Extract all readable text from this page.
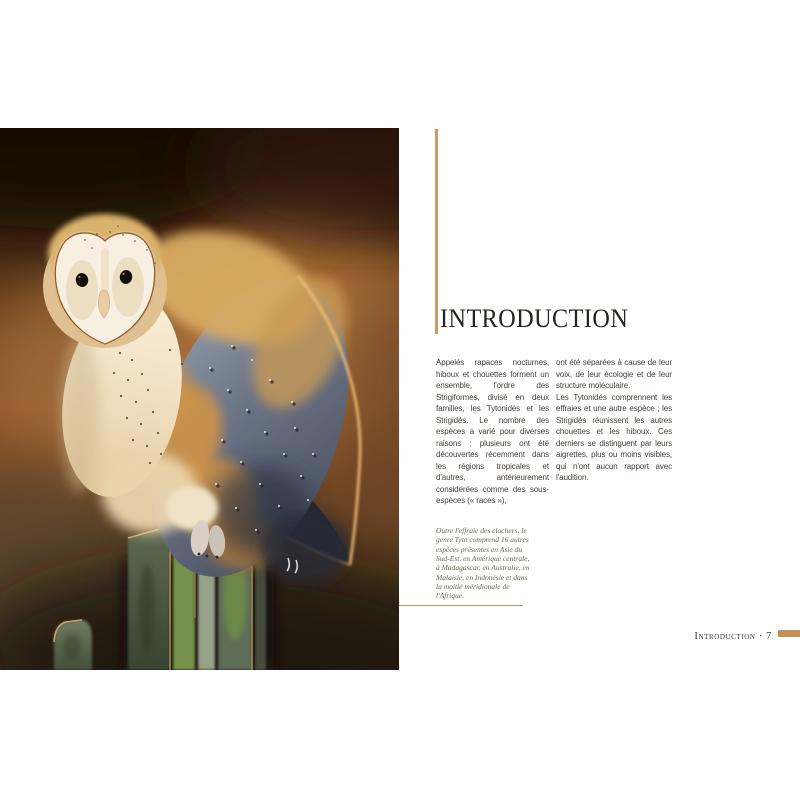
INTRODUCTION

Appelés rapaces nocturnes, hiboux et chouettes forment un ensemble, l'ordre des Strigiformes, divisé en deux familles, les Tytonidés et les Strigidés. Le nombre des espèces a varié pour diverses raisons : plusieurs ont été découvertes récemment dans les régions tropicales et d'autres, antérieurement considérées comme des sous-espèces (« races »),

ont été séparées à cause de leur voix, de leur écologie et de leur structure moléculaire.

Les Tytonidés comprennent les effraies et une autre espèce ; les Strigidés réunissent les autres chouettes et les hiboux. Ces derniers se distinguent par leurs aigrettes, plus ou moins visibles, qui n'ont aucun rapport avec l'audition.

Outre l'effraie des clochers, le genre Tyto comprend 16 autres espèces présentes en Asie du Sud-Est, en Amérique centrale, à Madagascar, en Australie, en Malaisie, en Indonésie et dans la moitié méridionale de l'Afrique.
Introduction · 7
